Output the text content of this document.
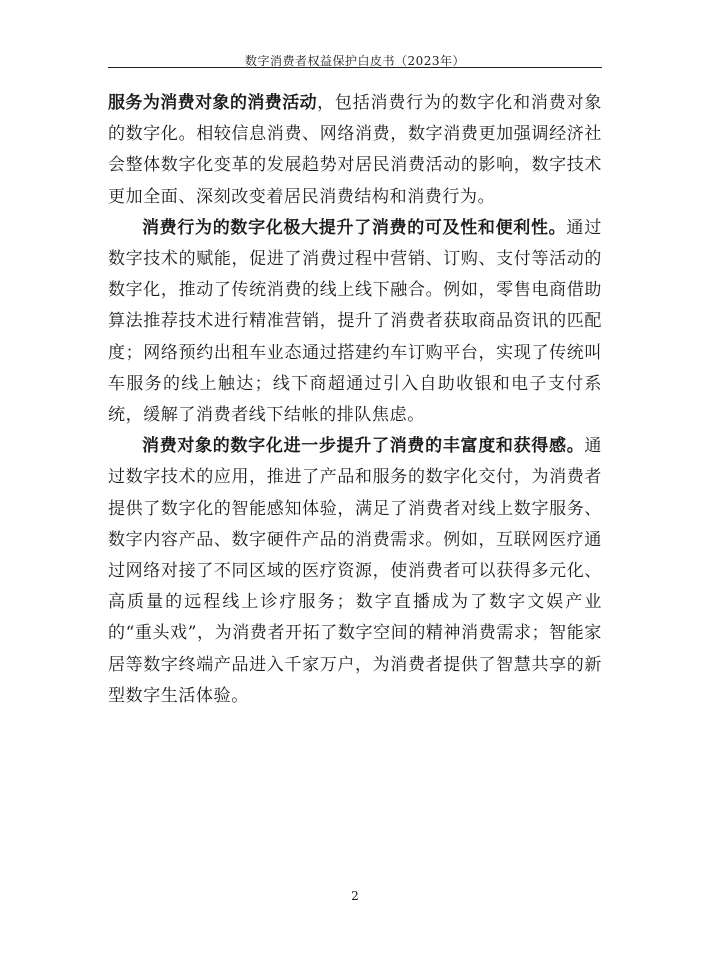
数字消费者权益保护白皮书（2023年）

服务为消费对象的消费活动，包括消费行为的数字化和消费对象的数字化。相较信息消费、网络消费，数字消费更加强调经济社会整体数字化变革的发展趋势对居民消费活动的影响，数字技术更加全面、深刻改变着居民消费结构和消费行为。

消费行为的数字化极大提升了消费的可及性和便利性。通过数字技术的赋能，促进了消费过程中营销、订购、支付等活动的数字化，推动了传统消费的线上线下融合。例如，零售电商借助算法推荐技术进行精准营销，提升了消费者获取商品资讯的匹配度；网络预约出租车业态通过搭建约车订购平台，实现了传统叫车服务的线上触达；线下商超通过引入自助收银和电子支付系统，缓解了消费者线下结帐的排队焦虑。

消费对象的数字化进一步提升了消费的丰富度和获得感。通过数字技术的应用，推进了产品和服务的数字化交付，为消费者提供了数字化的智能感知体验，满足了消费者对线上数字服务、数字内容产品、数字硬件产品的消费需求。例如，互联网医疗通过网络对接了不同区域的医疗资源，使消费者可以获得多元化、高质量的远程线上诊疗服务；数字直播成为了数字文娱产业的“重头戏”，为消费者开拓了数字空间的精神消费需求；智能家居等数字终端产品进入千家万户，为消费者提供了智慧共享的新型数字生活体验。

2
